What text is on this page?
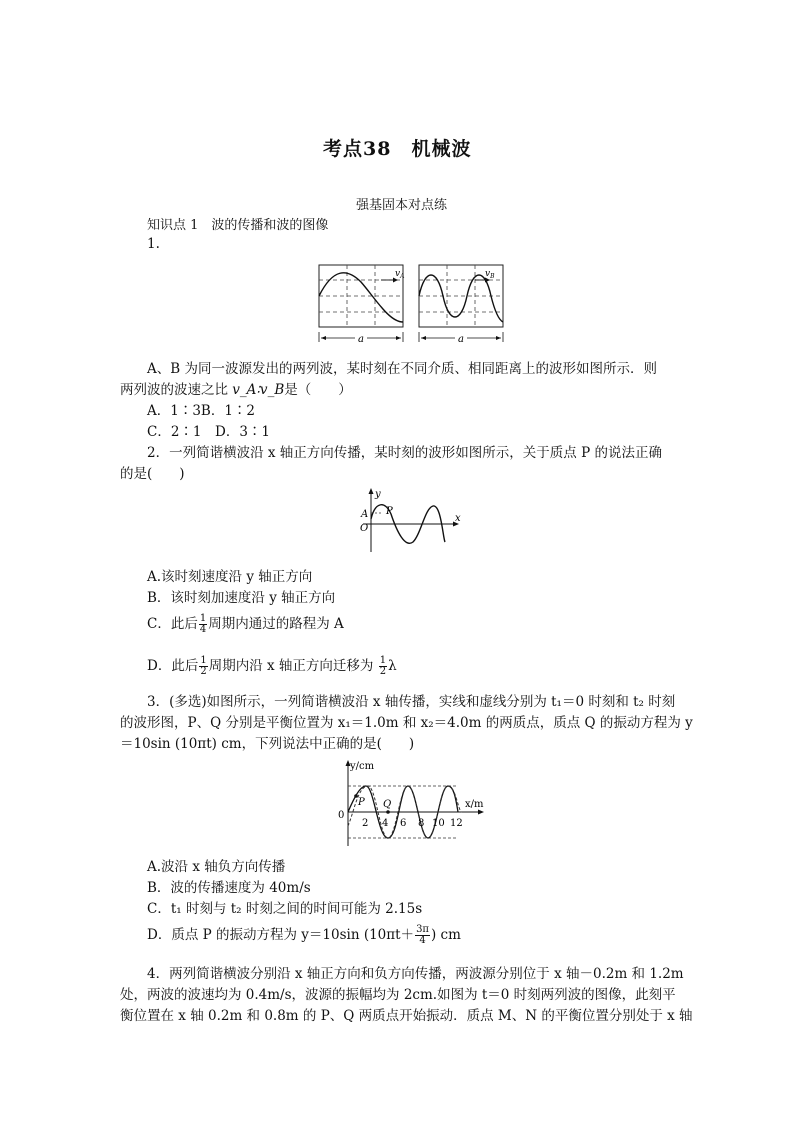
考点38　机械波
强基固本对点练
知识点 1　波的传播和波的图像
1.
$v_A$	$v_B$
a	a
A、B 为同一波源发出的两列波，某时刻在不同介质、相同距离上的波形如图所示．则
两列波的波速之比 v_A∶v_B是（　　）
A．1∶3B．1∶2
C．2∶1　D．3∶1
2．一列简谐横波沿 x 轴正方向传播，某时刻的波形如图所示，关于质点 P 的说法正确
的是(　　)
y
x
A P
O
A.该时刻速度沿 y 轴正方向
B．该时刻加速度沿 y 轴正方向
C．此后 $\frac{1}{4}$ 周期内通过的路程为 A
D．此后 $\frac{1}{2}$ 周期内沿 x 轴正方向迁移为 $\frac{1}{2}$ λ
3．(多选)如图所示，一列简谐横波沿 x 轴传播，实线和虚线分别为 t₁＝0 时刻和 t₂ 时刻
的波形图，P、Q 分别是平衡位置为 x₁＝1.0m 和 x₂＝4.0m 的两质点，质点 Q 的振动方程为 y
＝10sin (10πt) cm，下列说法中正确的是(　　)
y/cm
x/m
0
P Q
2 4 6 8 10 12
A.波沿 x 轴负方向传播
B．波的传播速度为 40m/s
C．t₁ 时刻与 t₂ 时刻之间的时间可能为 2.15s
D．质点 P 的振动方程为 y＝10sin ($10\pi t+ \frac{3\pi}{4}$ ) cm
4．两列简谐横波分别沿 x 轴正方向和负方向传播，两波源分别位于 x 轴－0.2m 和 1.2m
处，两波的波速均为 0.4m/s，波源的振幅均为 2cm.如图为 t＝0 时刻两列波的图像，此刻平
衡位置在 x 轴 0.2m 和 0.8m 的 P、Q 两质点开始振动．质点 M、N 的平衡位置分别处于 x 轴
